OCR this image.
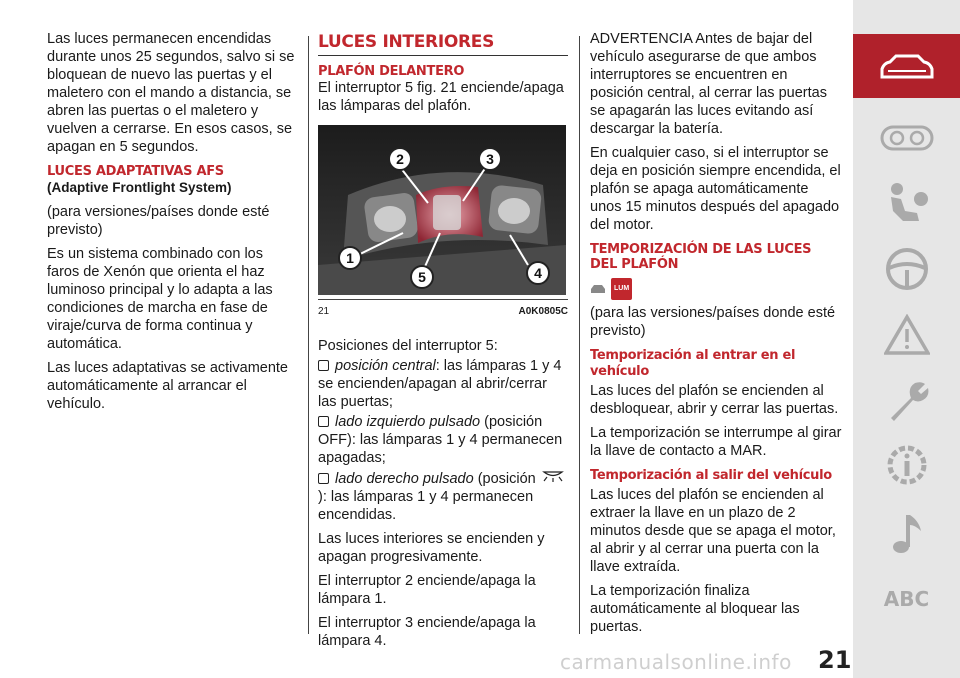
Las luces permanecen encendidas durante unos 25 segundos, salvo si se bloquean de nuevo las puertas y el maletero con el mando a distancia, se abren las puertas o el maletero y vuelven a cerrarse. En esos casos, se apagan en 5 segundos.

LUCES ADAPTATIVAS AFS
(Adaptive Frontlight System)

(para versiones/países donde esté previsto)

Es un sistema combinado con los faros de Xenón que orienta el haz luminoso principal y lo adapta a las condiciones de marcha en fase de viraje/curva de forma continua y automática.

Las luces adaptativas se activamente automáticamente al arrancar el vehículo.

LUCES INTERIORES
PLAFÓN DELANTERO

El interruptor 5 fig. 21 enciende/apaga las lámparas del plafón.

1
2	3
4
5
21	A0K0805C

Posiciones del interruptor 5:

posición central: las lámparas 1 y 4 se encienden/apagan al abrir/cerrar las puertas;
lado izquierdo pulsado (posición OFF): las lámparas 1 y 4 permanecen apagadas;
lado derecho pulsado (posición ): las lámparas 1 y 4 permanecen encendidas.

Las luces interiores se encienden y apagan progresivamente.

El interruptor 2 enciende/apaga la lámpara 1.

El interruptor 3 enciende/apaga la lámpara 4.

ADVERTENCIA Antes de bajar del vehículo asegurarse de que ambos interruptores se encuentren en posición central, al cerrar las puertas se apagarán las luces evitando así descargar la batería.

En cualquier caso, si el interruptor se deja en posición siempre encendida, el plafón se apaga automáticamente unos 15 minutos después del apagado del motor.

TEMPORIZACIÓN DE LAS LUCES DEL PLAFÓN
LUM

(para las versiones/países donde esté previsto)

Temporización al entrar en el vehículo

Las luces del plafón se encienden al desbloquear, abrir y cerrar las puertas.

La temporización se interrumpe al girar la llave de contacto a MAR.

Temporización al salir del vehículo

Las luces del plafón se encienden al extraer la llave en un plazo de 2 minutos desde que se apaga el motor, al abrir y al cerrar una puerta con la llave extraída.

La temporización finaliza automáticamente al bloquear las puertas.

ABC
carmanualsonline.info 21
